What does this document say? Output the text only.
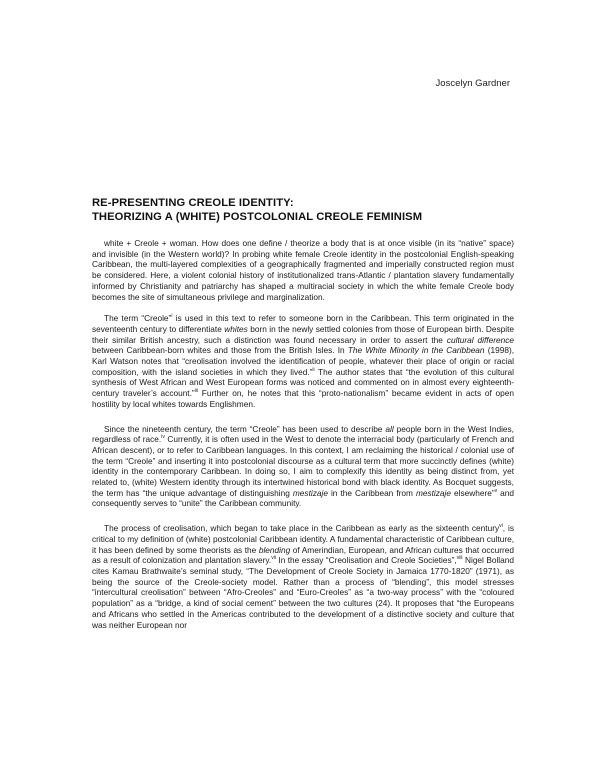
Joscelyn Gardner
RE-PRESENTING CREOLE IDENTITY:
THEORIZING A (WHITE) POSTCOLONIAL CREOLE FEMINISM

white + Creole + woman. How does one define / theorize a body that is at once visible (in its “native” space) and invisible (in the Western world)? In probing white female Creole identity in the postcolonial English-speaking Caribbean, the multi-layered complexities of a geographically fragmented and imperially constructed region must be considered. Here, a violent colonial history of institutionalized trans-Atlantic / plantation slavery fundamentally informed by Christianity and patriarchy has shaped a multiracial society in which the white female Creole body becomes the site of simultaneous privilege and marginalization.

The term “Creole”$^i$ is used in this text to refer to someone born in the Caribbean. This term originated in the seventeenth century to differentiate whites born in the newly settled colonies from those of European birth. Despite their similar British ancestry, such a distinction was found necessary in order to assert the cultural difference between Caribbean-born whites and those from the British Isles. In The White Minority in the Caribbean (1998), Karl Watson notes that “creolisation involved the identification of people, whatever their place of origin or racial composition, with the island societies in which they lived.”$^{ii}$ The author states that “the evolution of this cultural synthesis of West African and West European forms was noticed and commented on in almost every eighteenth-century traveler’s account.”$^{iii}$ Further on, he notes that this “proto-nationalism” became evident in acts of open hostility by local whites towards Englishmen.

Since the nineteenth century, the term “Creole” has been used to describe all people born in the West Indies, regardless of race.$^{iv}$ Currently, it is often used in the West to denote the interracial body (particularly of French and African descent), or to refer to Caribbean languages. In this context, I am reclaiming the historical / colonial use of the term “Creole” and inserting it into postcolonial discourse as a cultural term that more succinctly defines (white) identity in the contemporary Caribbean. In doing so, I aim to complexify this identity as being distinct from, yet related to, (white) Western identity through its intertwined historical bond with black identity. As Bocquet suggests, the term has “the unique advantage of distinguishing mestizaje in the Caribbean from mestizaje elsewhere”$^v$ and consequently serves to “unite” the Caribbean community.

The process of creolisation, which began to take place in the Caribbean as early as the sixteenth century$^{vi}$, is critical to my definition of (white) postcolonial Caribbean identity. A fundamental characteristic of Caribbean culture, it has been defined by some theorists as the blending of Amerindian, European, and African cultures that occurred as a result of colonization and plantation slavery.$^{vii}$ In the essay “Creolisation and Creole Societies”,$^{viii}$ Nigel Bolland cites Kamau Brathwaite’s seminal study, “The Development of Creole Society in Jamaica 1770-1820” (1971), as being the source of the Creole-society model. Rather than a process of “blending”, this model stresses “intercultural creolisation” between “Afro-Creoles” and “Euro-Creoles” as “a two-way process” with the “coloured population” as a “bridge, a kind of social cement” between the two cultures (24). It proposes that “the Europeans and Africans who settled in the Americas contributed to the development of a distinctive society and culture that was neither European nor
